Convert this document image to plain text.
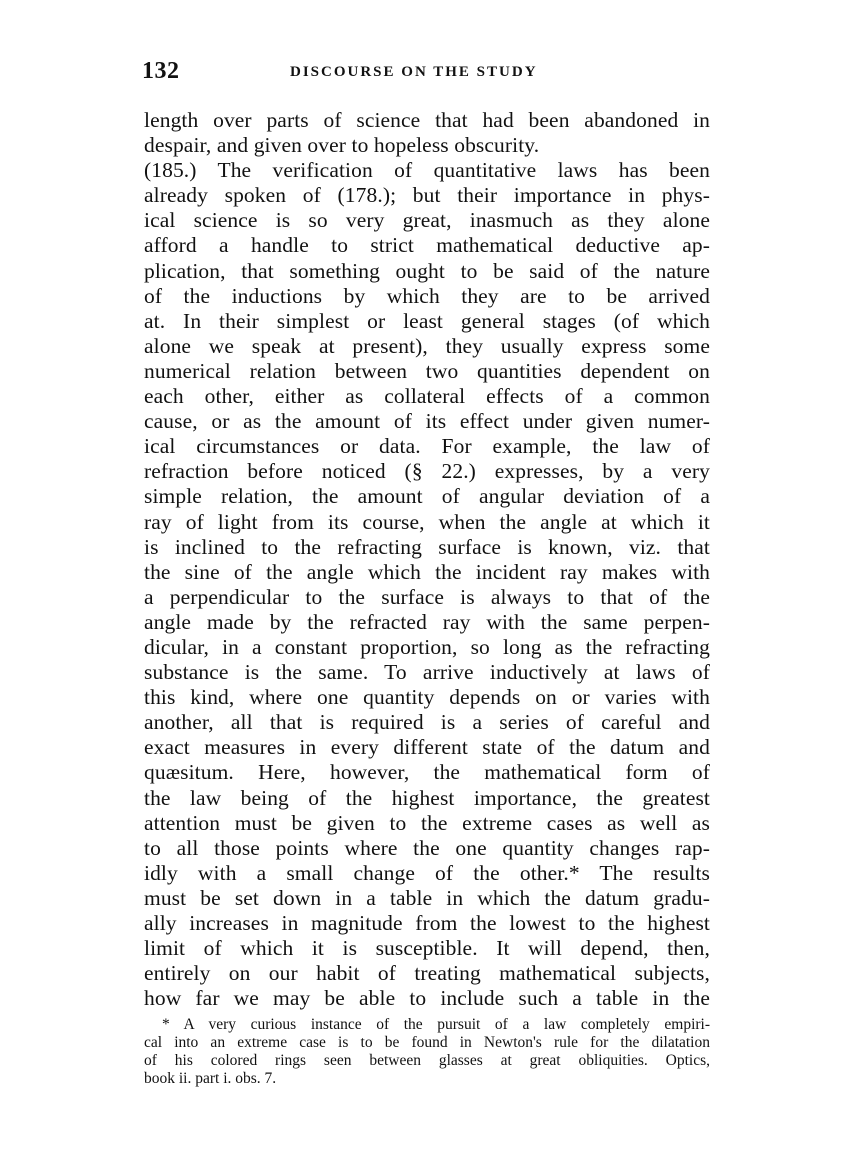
132	DISCOURSE ON THE STUDY
length over parts of science that had been abandoned in
despair, and given over to hopeless obscurity.
(185.) The verification of quantitative laws has been
already spoken of (178.); but their importance in phys-
ical science is so very great, inasmuch as they alone
afford a handle to strict mathematical deductive ap-
plication, that something ought to be said of the nature
of the inductions by which they are to be arrived
at. In their simplest or least general stages (of which
alone we speak at present), they usually express some
numerical relation between two quantities dependent on
each other, either as collateral effects of a common
cause, or as the amount of its effect under given numer-
ical circumstances or data. For example, the law of
refraction before noticed (§ 22.) expresses, by a very
simple relation, the amount of angular deviation of a
ray of light from its course, when the angle at which it
is inclined to the refracting surface is known, viz. that
the sine of the angle which the incident ray makes with
a perpendicular to the surface is always to that of the
angle made by the refracted ray with the same perpen-
dicular, in a constant proportion, so long as the refracting
substance is the same. To arrive inductively at laws of
this kind, where one quantity depends on or varies with
another, all that is required is a series of careful and
exact measures in every different state of the datum and
quæsitum. Here, however, the mathematical form of
the law being of the highest importance, the greatest
attention must be given to the extreme cases as well as
to all those points where the one quantity changes rap-
idly with a small change of the other.* The results
must be set down in a table in which the datum gradu-
ally increases in magnitude from the lowest to the highest
limit of which it is susceptible. It will depend, then,
entirely on our habit of treating mathematical subjects,
how far we may be able to include such a table in the
* A very curious instance of the pursuit of a law completely empiri-
cal into an extreme case is to be found in Newton's rule for the dilatation
of his colored rings seen between glasses at great obliquities. Optics,
book ii. part i. obs. 7.
